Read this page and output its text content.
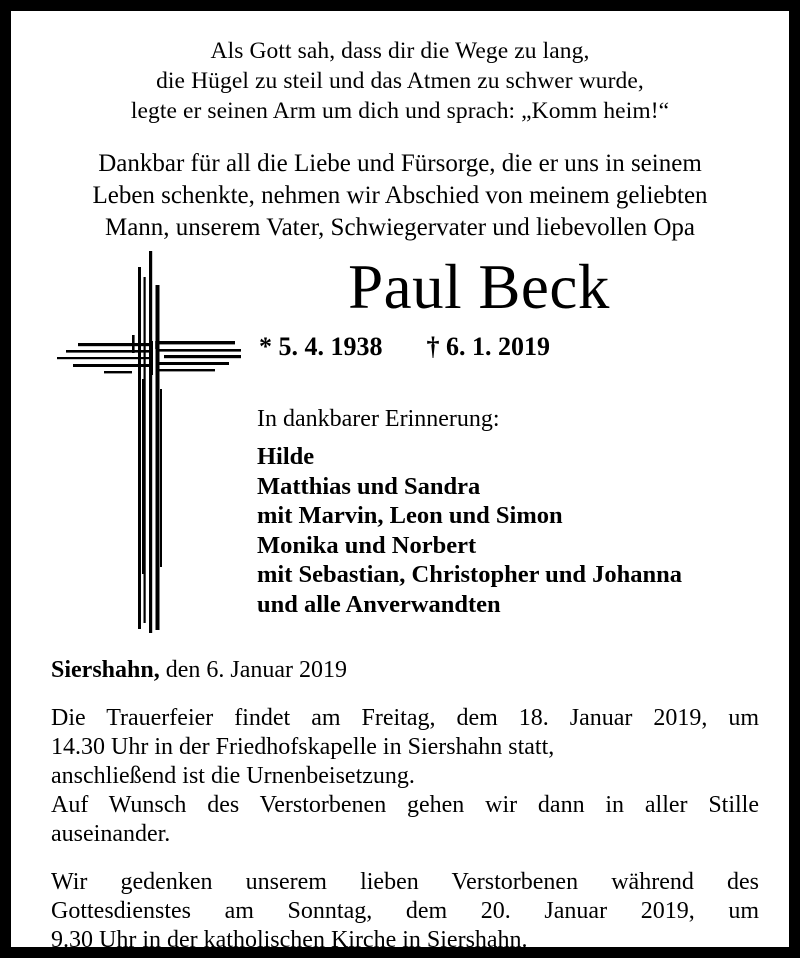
Als Gott sah, dass dir die Wege zu lang,
die Hügel zu steil und das Atmen zu schwer wurde,
legte er seinen Arm um dich und sprach: „Komm heim!“
Dankbar für all die Liebe und Fürsorge, die er uns in seinem
Leben schenkte, nehmen wir Abschied von meinem geliebten
Mann, unserem Vater, Schwiegervater und liebevollen Opa
Paul Beck
* 5. 4. 1938 † 6. 1. 2019
In dankbarer Erinnerung:
Hilde
Matthias und Sandra
mit Marvin, Leon und Simon
Monika und Norbert
mit Sebastian, Christopher und Johanna
und alle Anverwandten
Siershahn, den 6. Januar 2019
Die Trauerfeier findet am Freitag, dem 18. Januar 2019, um
14.30 Uhr in der Friedhofskapelle in Siershahn statt,
anschließend ist die Urnenbeisetzung.
Auf Wunsch des Verstorbenen gehen wir dann in aller Stille
auseinander.
Wir gedenken unserem lieben Verstorbenen während des
Gottesdienstes am Sonntag, dem 20. Januar 2019, um
9.30 Uhr in der katholischen Kirche in Siershahn.
